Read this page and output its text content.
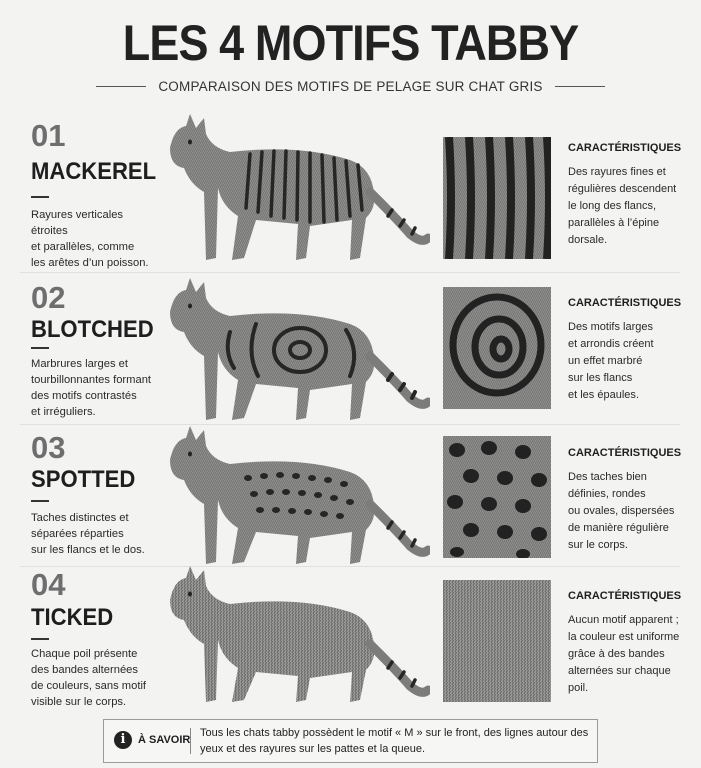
LES 4 MOTIFS TABBY
COMPARAISON DES MOTIFS DE PELAGE SUR CHAT GRIS
01
MACKEREL
Rayures verticales étroites
et parallèles, comme
les arêtes d’un poisson.
CARACTÉRISTIQUES
Des rayures fines et
régulières descendent
le long des flancs,
parallèles à l’épine
dorsale.
02
BLOTCHED
Marbrures larges et
tourbillonnantes formant
des motifs contrastés
et irréguliers.
CARACTÉRISTIQUES
Des motifs larges
et arrondis créent
un effet marbré
sur les flancs
et les épaules.
03
SPOTTED
Taches distinctes et
séparées réparties
sur les flancs et le dos.
CARACTÉRISTIQUES
Des taches bien
définies, rondes
ou ovales, dispersées
de manière régulière
sur le corps.
04
TICKED
Chaque poil présente
des bandes alternées
de couleurs, sans motif
visible sur le corps.
CARACTÉRISTIQUES
Aucun motif apparent ;
la couleur est uniforme
grâce à des bandes
alternées sur chaque
poil.
i	À SAVOIR
Tous les chats tabby possèdent le motif « M » sur le front, des lignes autour des yeux et des rayures sur les pattes et la queue.
